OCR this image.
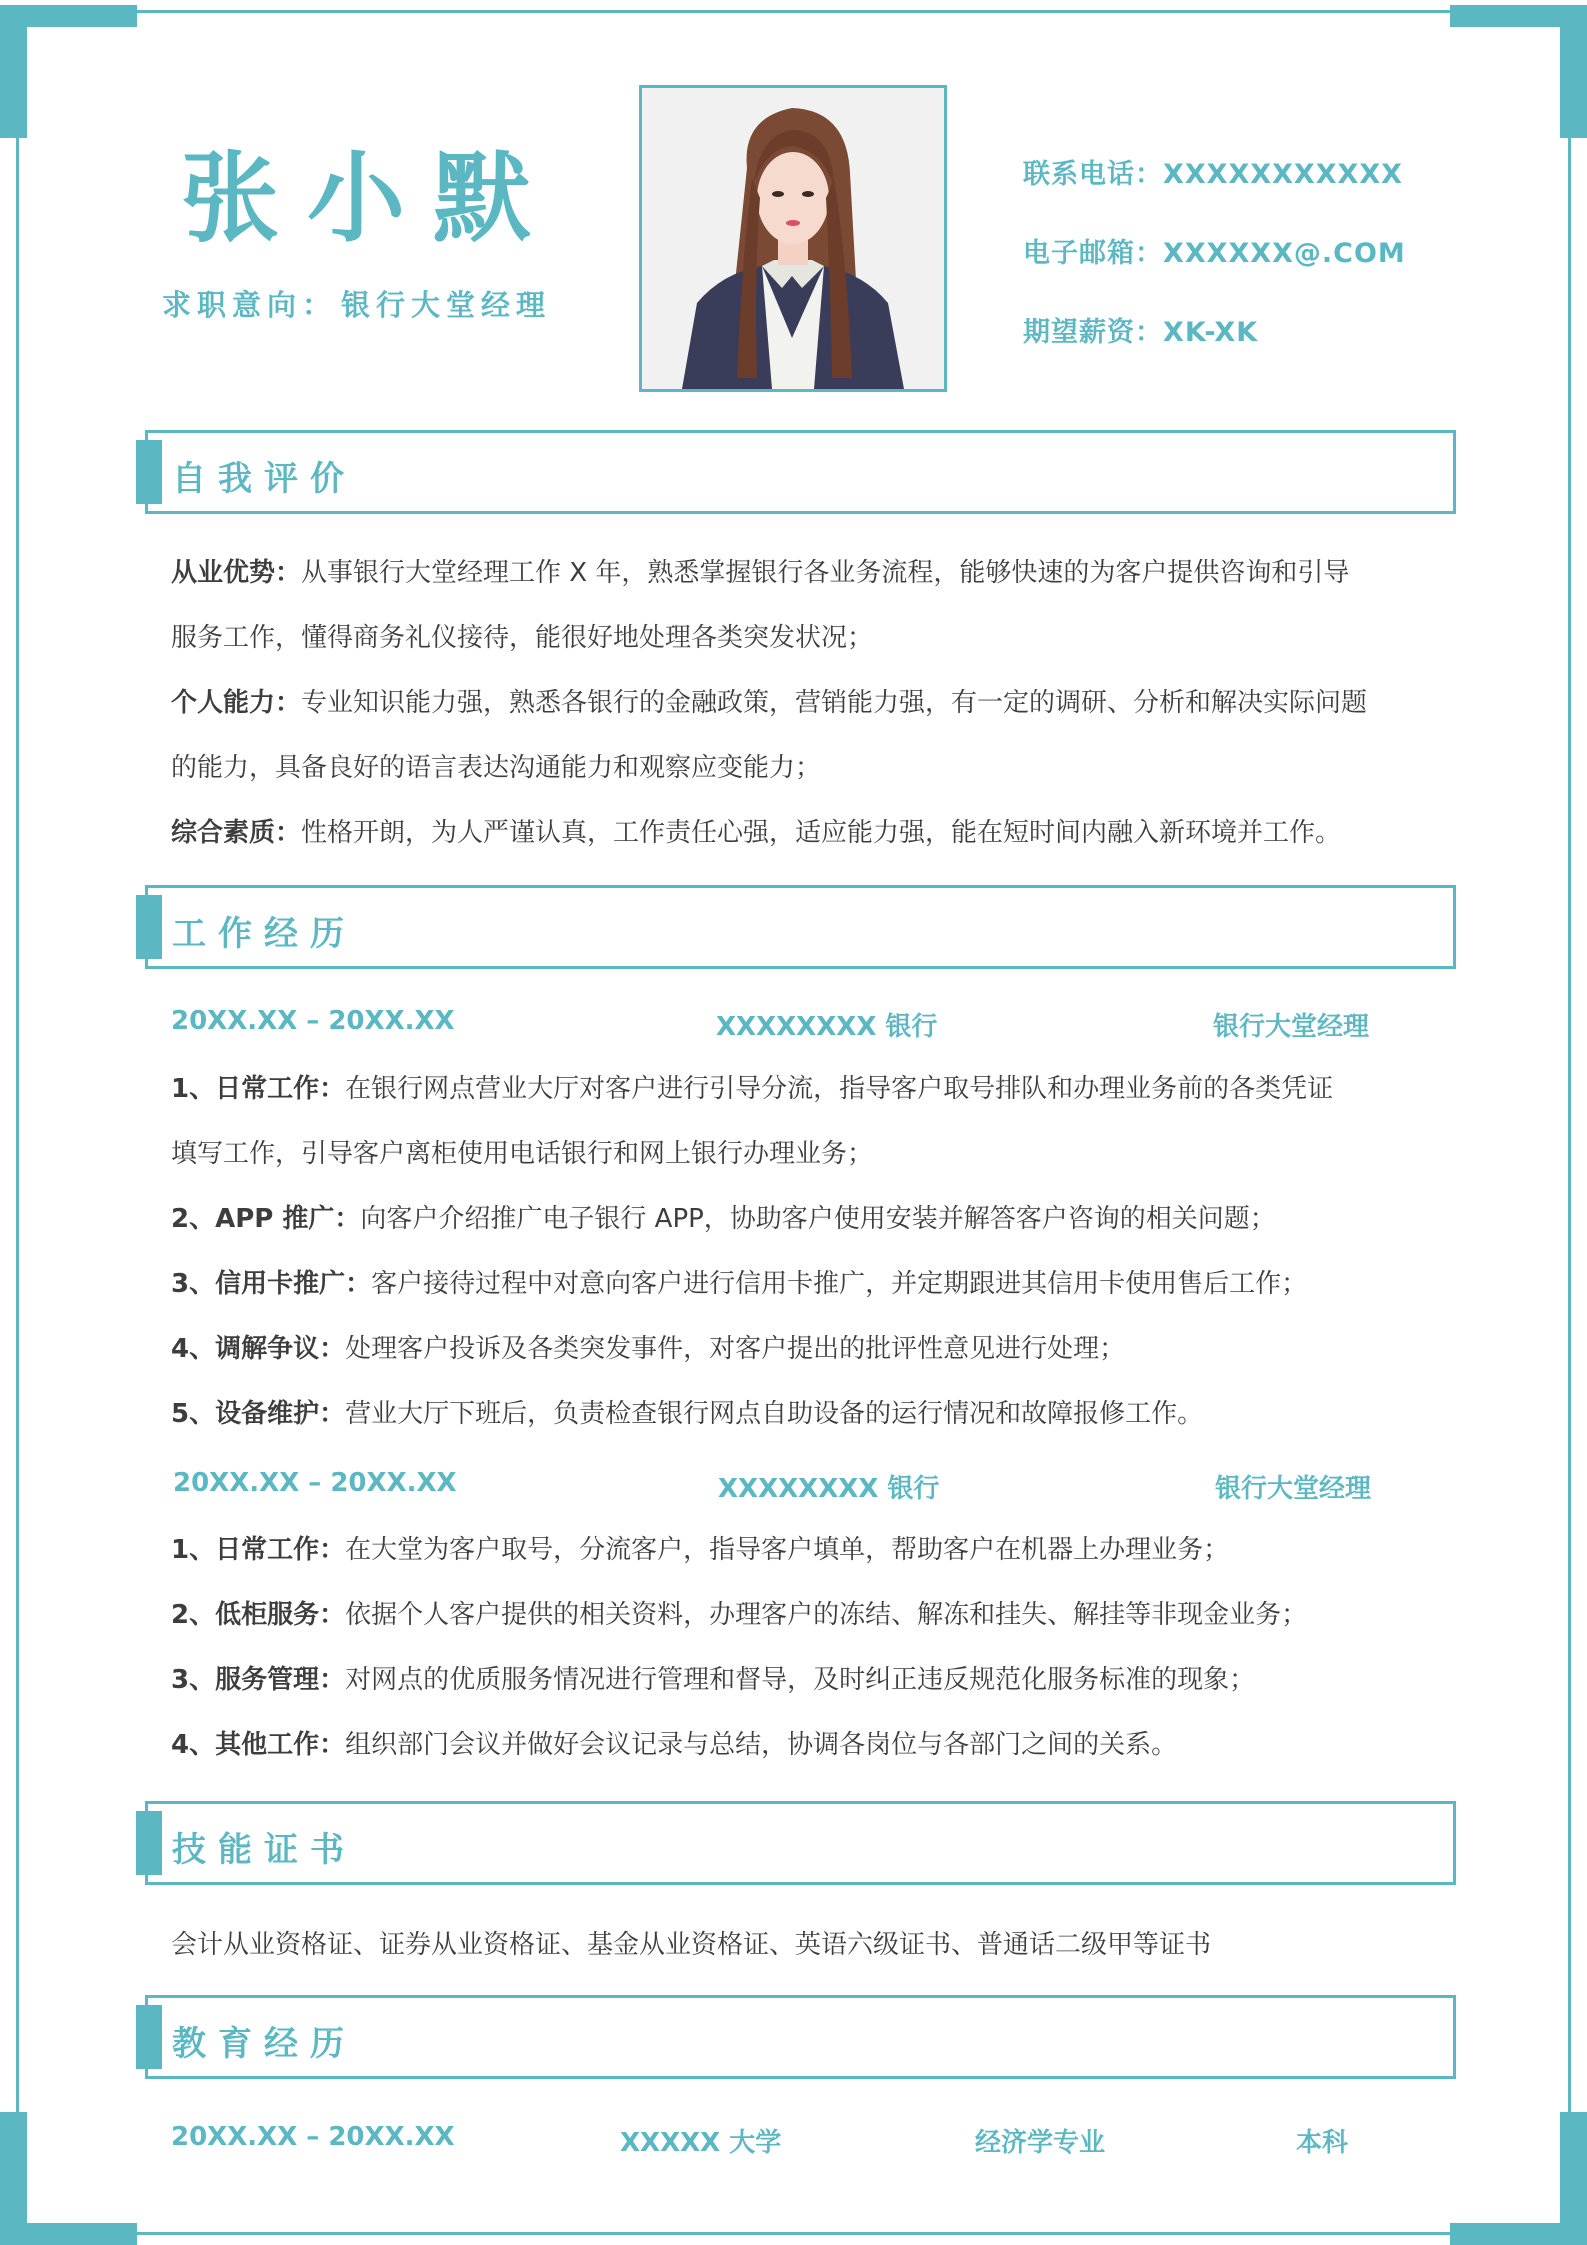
张小默
求职意向： 银行大堂经理
联系电话：XXXXXXXXXXX
电子邮箱：XXXXXX@.COM
期望薪资：XK-XK
自我评价
从业优势：从事银行大堂经理工作 X 年，熟悉掌握银行各业务流程，能够快速的为客户提供咨询和引导
服务工作，懂得商务礼仪接待，能很好地处理各类突发状况；
个人能力：专业知识能力强，熟悉各银行的金融政策，营销能力强，有一定的调研、分析和解决实际问题
的能力，具备良好的语言表达沟通能力和观察应变能力；
综合素质：性格开朗，为人严谨认真，工作责任心强，适应能力强，能在短时间内融入新环境并工作。
工作经历
20XX.XX – 20XX.XX	XXXXXXXX 银行	银行大堂经理
1、日常工作：在银行网点营业大厅对客户进行引导分流，指导客户取号排队和办理业务前的各类凭证
填写工作，引导客户离柜使用电话银行和网上银行办理业务；
2、APP 推广：向客户介绍推广电子银行 APP，协助客户使用安装并解答客户咨询的相关问题；
3、信用卡推广：客户接待过程中对意向客户进行信用卡推广，并定期跟进其信用卡使用售后工作；
4、调解争议：处理客户投诉及各类突发事件，对客户提出的批评性意见进行处理；
5、设备维护：营业大厅下班后，负责检查银行网点自助设备的运行情况和故障报修工作。
20XX.XX – 20XX.XX	XXXXXXXX 银行	银行大堂经理
1、日常工作：在大堂为客户取号，分流客户，指导客户填单，帮助客户在机器上办理业务；
2、低柜服务：依据个人客户提供的相关资料，办理客户的冻结、解冻和挂失、解挂等非现金业务；
3、服务管理：对网点的优质服务情况进行管理和督导，及时纠正违反规范化服务标准的现象；
4、其他工作：组织部门会议并做好会议记录与总结，协调各岗位与各部门之间的关系。
技能证书
会计从业资格证、证券从业资格证、基金从业资格证、英语六级证书、普通话二级甲等证书
教育经历
20XX.XX – 20XX.XX	XXXXX 大学	经济学专业	本科
